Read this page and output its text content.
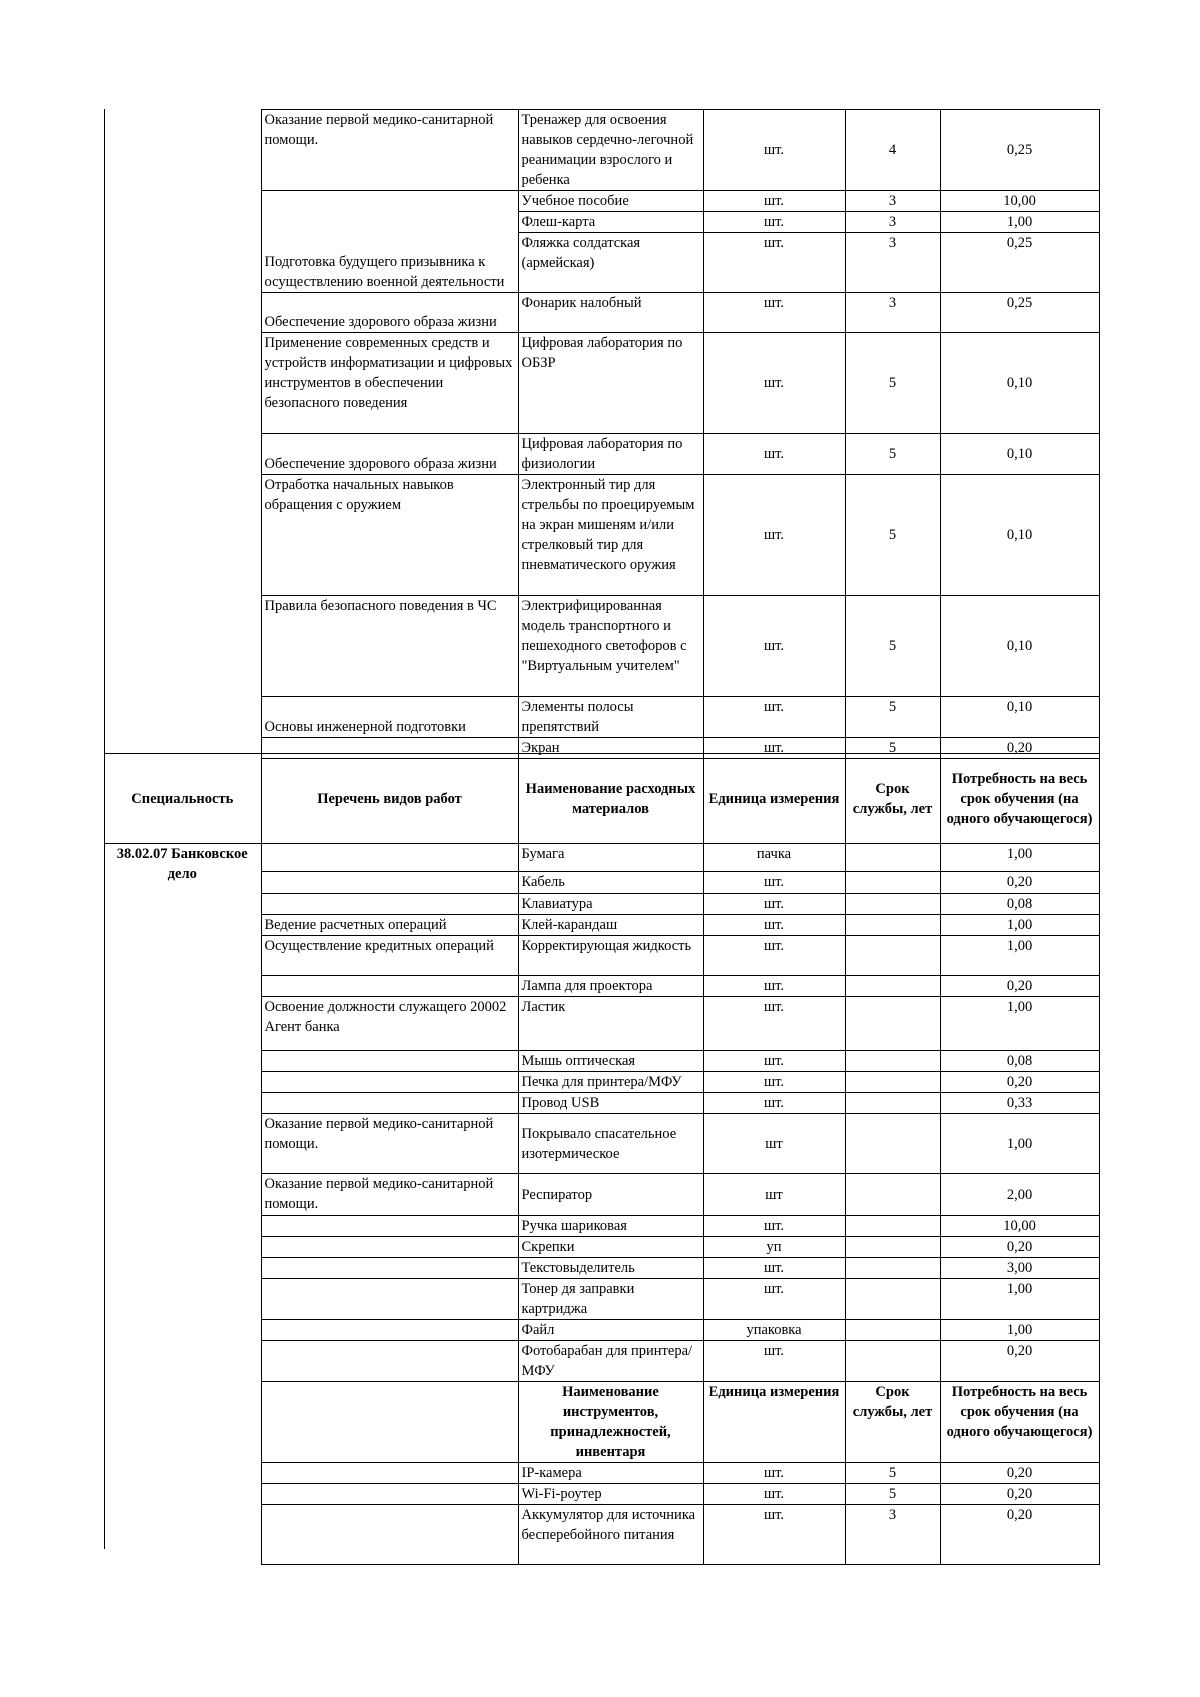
	Оказание первой медико-санитарной помощи.	Тренажер для освоения навыков сердечно-легочной реанимации взрослого и ребенка	шт.	4	0,25
	Подготовка будущего призывника к осуществлению военной деятельности	Учебное пособие	шт.	3	10,00
		Флеш-карта	шт.	3	1,00
		Фляжка солдатская (армейская)	шт.	3	0,25
	Обеспечение здорового образа жизни	Фонарик налобный	шт.	3	0,25
	Применение современных средств и устройств информатизации и цифровых инструментов в обеспечении безопасного поведения	Цифровая лаборатория по ОБЗР	шт.	5	0,10
	Обеспечение здорового образа жизни	Цифровая лаборатория по физиологии	шт.	5	0,10
	Отработка начальных навыков обращения с оружием	Электронный тир для стрельбы по проецируемым на экран мишеням и/или стрелковый тир для пневматического оружия	шт.	5	0,10
	Правила безопасного поведения в ЧС	Электрифицированная модель транспортного и пешеходного светофоров с "Виртуальным учителем"	шт.	5	0,10
	Основы инженерной подготовки	Элементы полосы препятствий	шт.	5	0,10
		Экран	шт.	5	0,20
Специальность	Перечень видов работ	Наименование расходных материалов	Единица измерения	Срок службы, лет	Потребность на весь срок обучения (на одного обучающегося)
38.02.07 Банковское дело		Бумага	пачка		1,00
		Кабель	шт.		0,20
		Клавиатура	шт.		0,08
	Ведение расчетных операций	Клей-карандаш	шт.		1,00
	Осуществление кредитных операций	Корректирующая жидкость	шт.		1,00
		Лампа для проектора	шт.		0,20
	Освоение должности служащего 20002 Агент банка	Ластик	шт.		1,00
		Мышь оптическая	шт.		0,08
		Печка для принтера/МФУ	шт.		0,20
		Провод USB	шт.		0,33
	Оказание первой медико-санитарной помощи.	Покрывало спасательное изотермическое	шт		1,00
	Оказание первой медико-санитарной помощи.	Респиратор	шт		2,00
		Ручка шариковая	шт.		10,00
		Скрепки	уп		0,20
		Текстовыделитель	шт.		3,00
		Тонер дя заправки картриджа	шт.		1,00
		Файл	упаковка		1,00
		Фотобарабан для принтера/МФУ	шт.		0,20
		Наименование инструментов, принадлежностей, инвентаря	Единица измерения	Срок службы, лет	Потребность на весь срок обучения (на одного обучающегося)
		IP-камера	шт.	5	0,20
		Wi-Fi-роутер	шт.	5	0,20
		Аккумулятор для источника бесперебойного питания	шт.	3	0,20
